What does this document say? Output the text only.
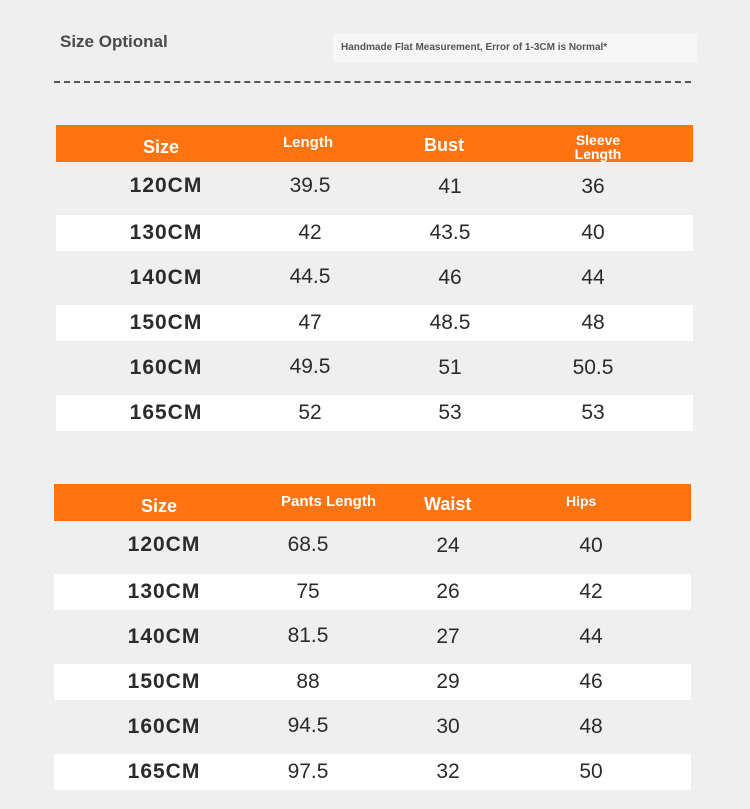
Size Optional	Handmade Flat Measurement, Error of 1-3CM is Normal*
Size	Length	Bust	Sleeve Length
120CM	39.5	41	36
130CM	42	43.5	40
140CM	44.5	46	44
150CM	47	48.5	48
160CM	49.5	51	50.5
165CM	52	53	53
Size	Pants Length	Waist	Hips
120CM	68.5	24	40
130CM	75	26	42
140CM	81.5	27	44
150CM	88	29	46
160CM	94.5	30	48
165CM	97.5	32	50
